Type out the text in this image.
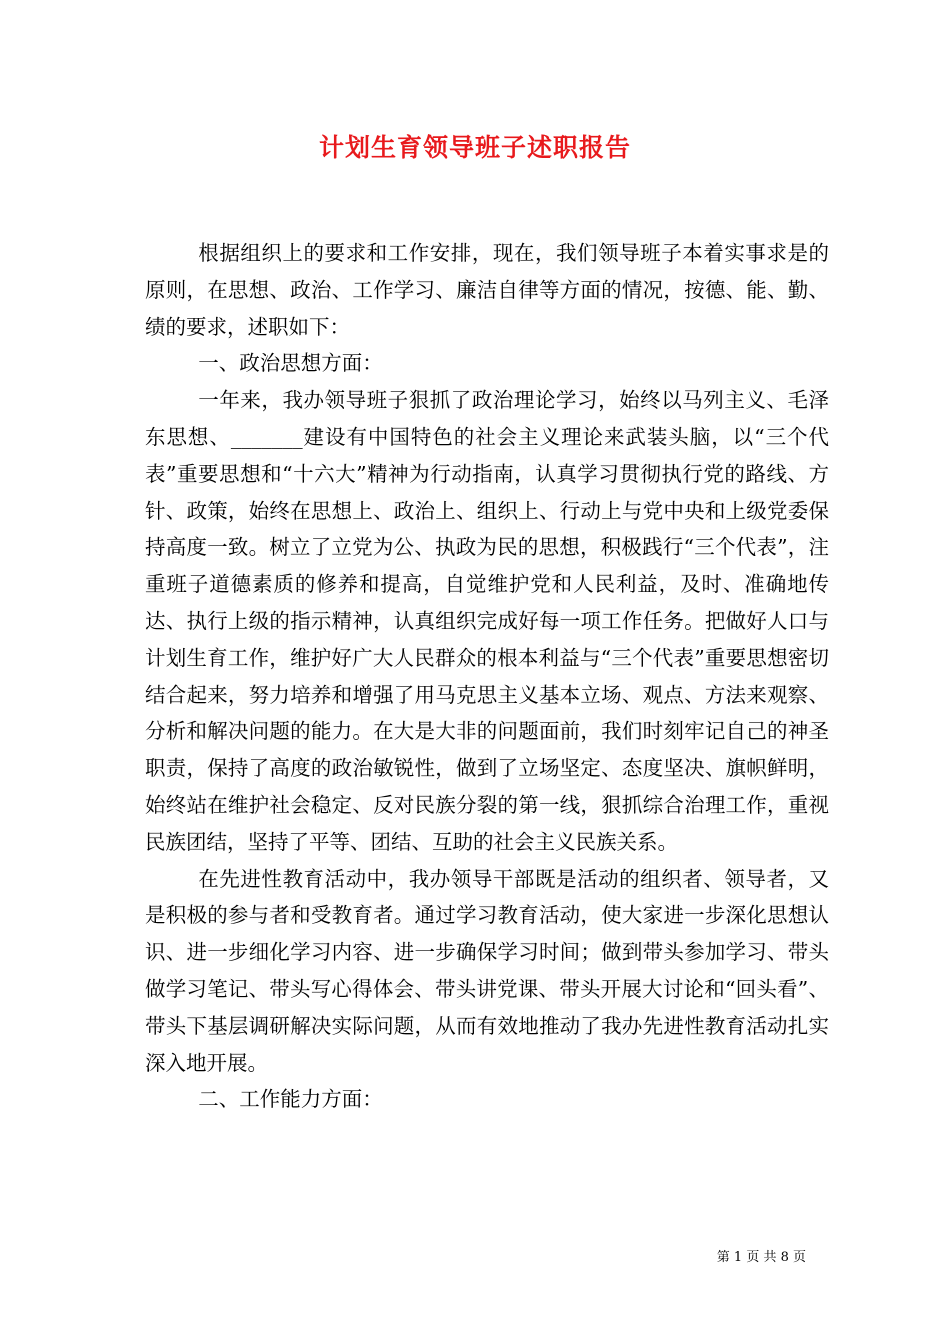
计划生育领导班子述职报告

根据组织上的要求和工作安排，现在，我们领导班子本着实事求是的原则，在思想、政治、工作学习、廉洁自律等方面的情况，按德、能、勤、绩的要求，述职如下：

一、政治思想方面：

一年来，我办领导班子狠抓了政治理论学习，始终以马列主义、毛泽东思想、_______建设有中国特色的社会主义理论来武装头脑，以“三个代表”重要思想和“十六大”精神为行动指南，认真学习贯彻执行党的路线、方针、政策，始终在思想上、政治上、组织上、行动上与党中央和上级党委保持高度一致。树立了立党为公、执政为民的思想，积极践行“三个代表”，注重班子道德素质的修养和提高，自觉维护党和人民利益，及时、准确地传达、执行上级的指示精神，认真组织完成好每一项工作任务。把做好人口与计划生育工作，维护好广大人民群众的根本利益与“三个代表”重要思想密切结合起来，努力培养和增强了用马克思主义基本立场、观点、方法来观察、分析和解决问题的能力。在大是大非的问题面前，我们时刻牢记自己的神圣职责，保持了高度的政治敏锐性，做到了立场坚定、态度坚决、旗帜鲜明，始终站在维护社会稳定、反对民族分裂的第一线，狠抓综合治理工作，重视民族团结，坚持了平等、团结、互助的社会主义民族关系。

在先进性教育活动中，我办领导干部既是活动的组织者、领导者，又是积极的参与者和受教育者。通过学习教育活动，使大家进一步深化思想认识、进一步细化学习内容、进一步确保学习时间；做到带头参加学习、带头做学习笔记、带头写心得体会、带头讲党课、带头开展大讨论和“回头看”、带头下基层调研解决实际问题，从而有效地推动了我办先进性教育活动扎实深入地开展。

二、工作能力方面：

第 1 页 共 8 页
